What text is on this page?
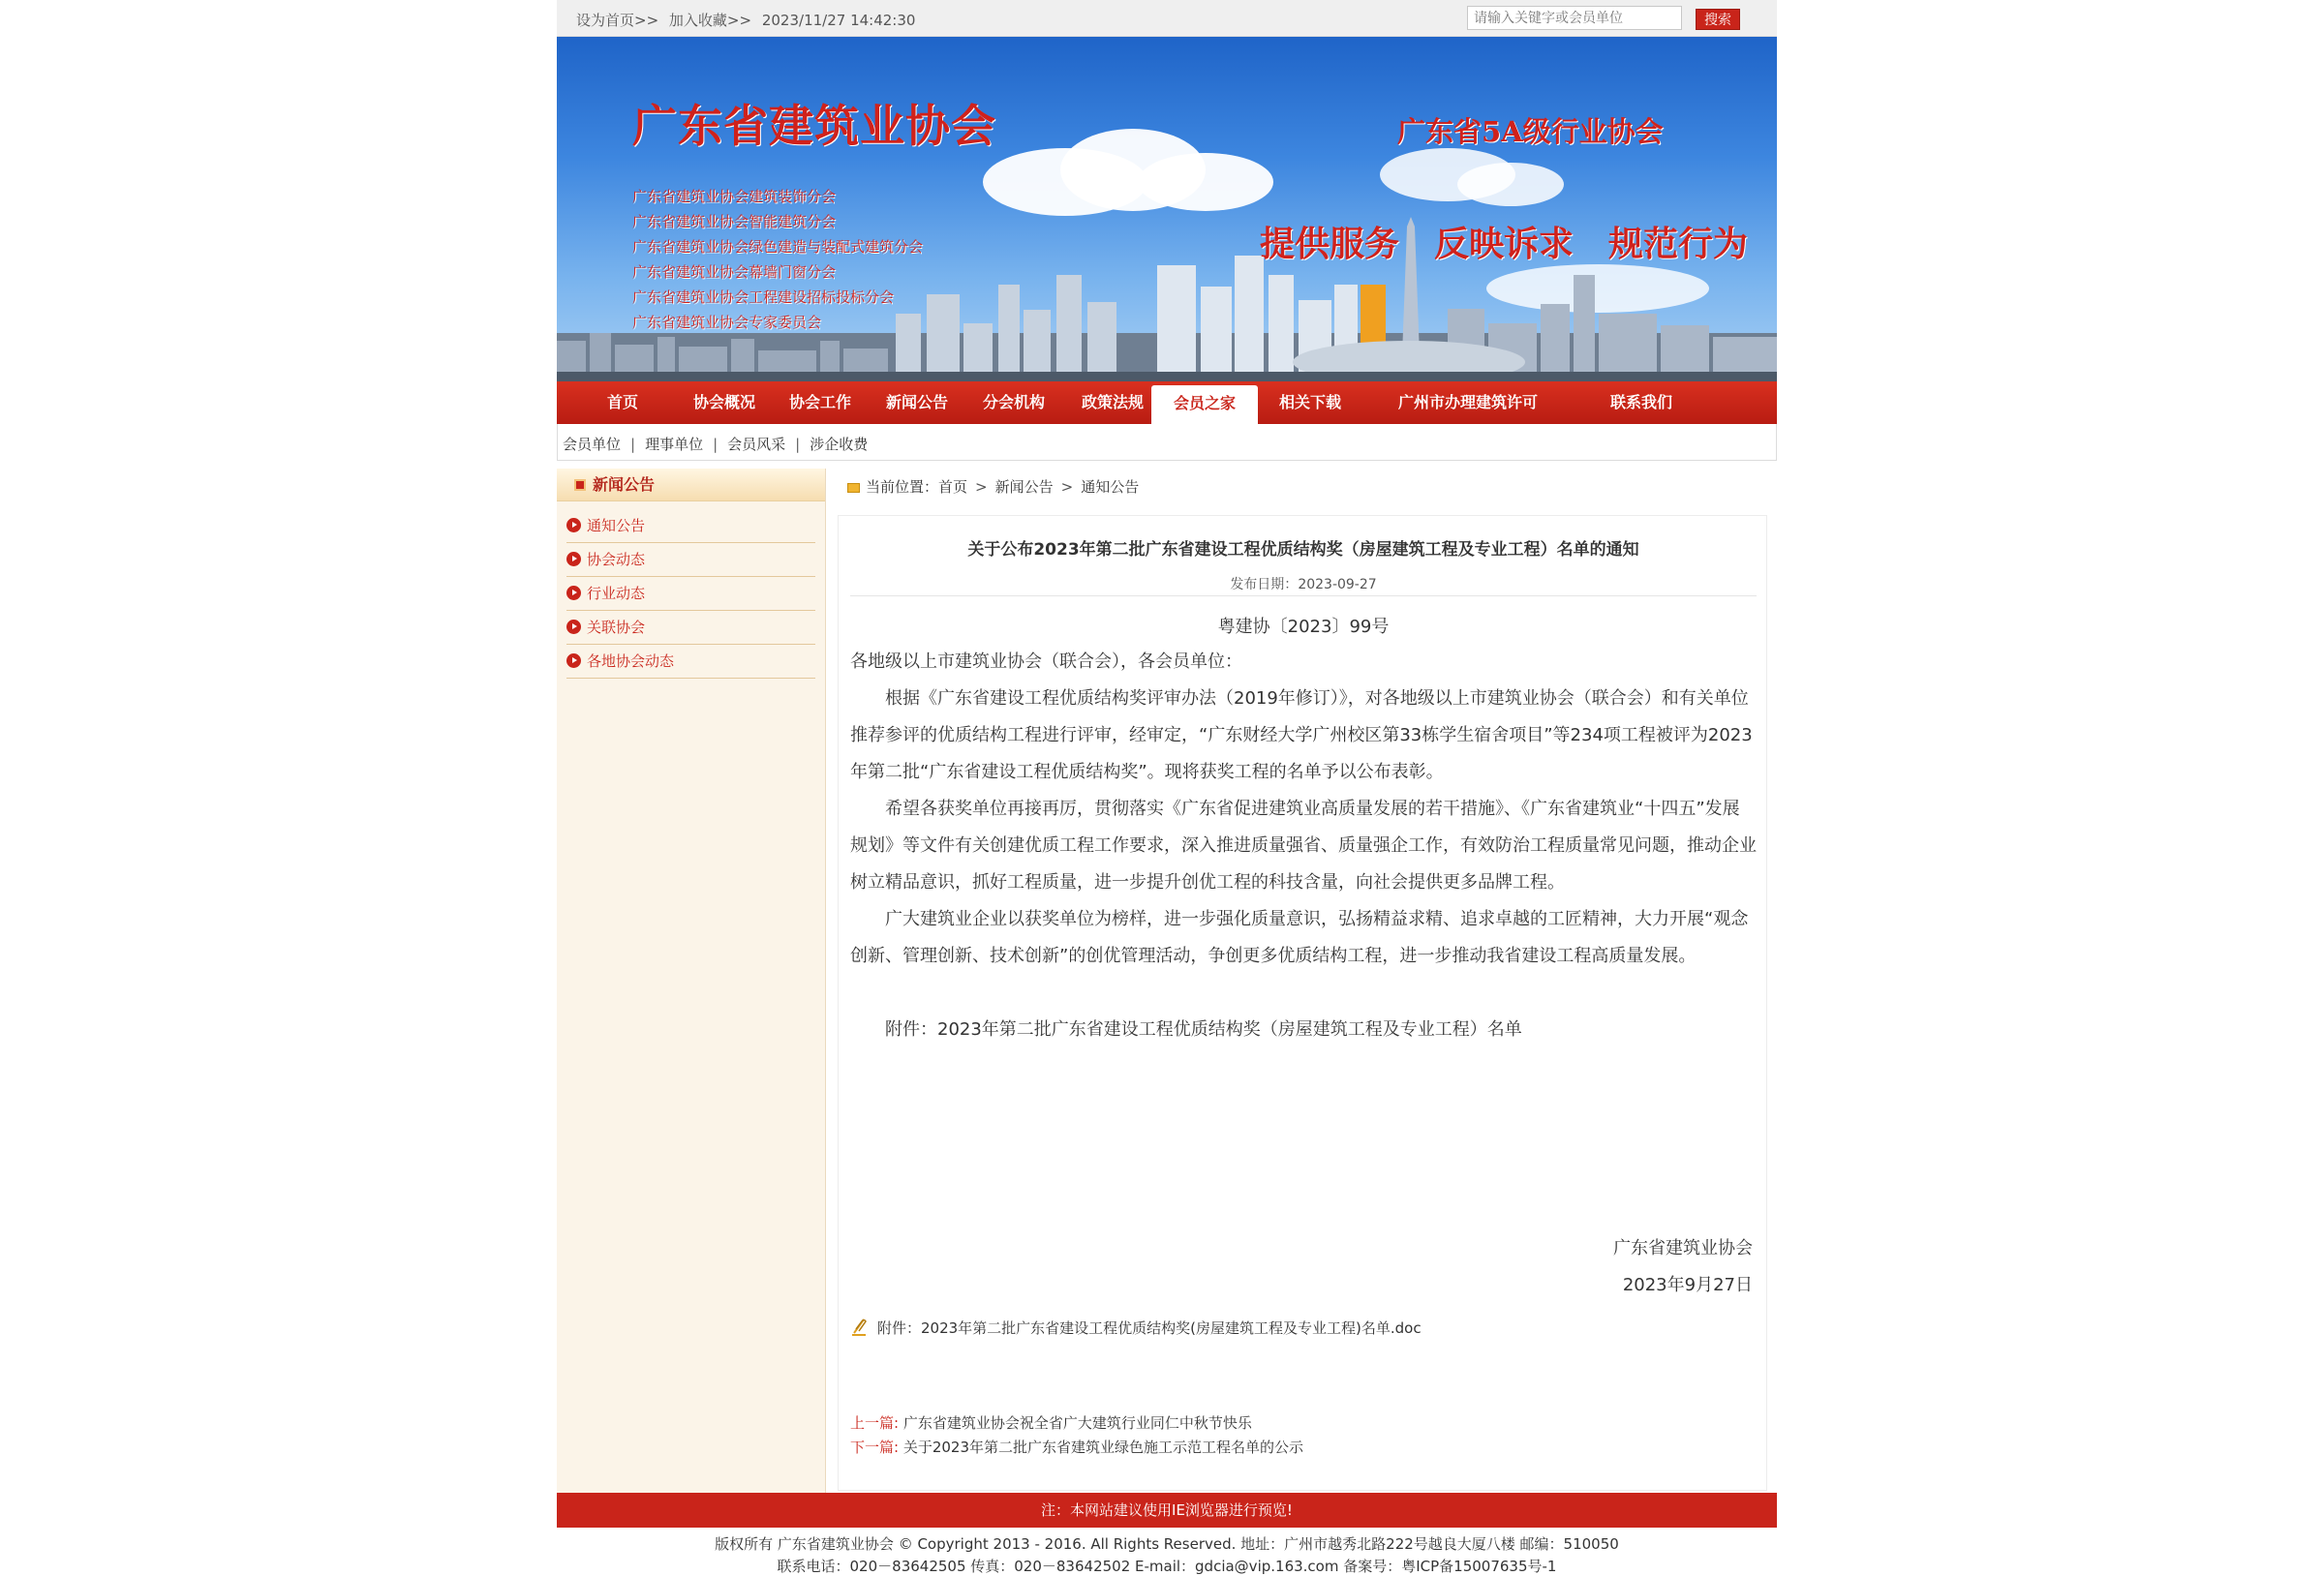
设为首页>> 加入收藏>> 2023/11/27 14:42:30
请输入关键字或会员单位	搜索
广东省建筑业协会	广东省5A级行业协会
提供服务　反映诉求　规范行为
广东省建筑业协会建筑装饰分会
广东省建筑业协会智能建筑分会
广东省建筑业协会绿色建造与装配式建筑分会
广东省建筑业协会幕墙门窗分会
广东省建筑业协会工程建设招标投标分会
广东省建筑业协会专家委员会
首页	协会概况	协会工作	新闻公告	分会机构	政策法规	会员之家	相关下载	广州市办理建筑许可	联系我们
会员单位 | 理事单位 | 会员风采 | 涉企收费
新闻公告
通知公告
协会动态
行业动态
关联协会
各地协会动态
当前位置：首页 > 新闻公告 > 通知公告
关于公布2023年第二批广东省建设工程优质结构奖（房屋建筑工程及专业工程）名单的通知
发布日期：2023-09-27
粤建协〔2023〕99号

各地级以上市建筑业协会（联合会），各会员单位：

根据《广东省建设工程优质结构奖评审办法（2019年修订）》，对各地级以上市建筑业协会（联合会）和有关单位推荐参评的优质结构工程进行评审，经审定，“广东财经大学广州校区第33栋学生宿舍项目”等234项工程被评为2023年第二批“广东省建设工程优质结构奖”。现将获奖工程的名单予以公布表彰。

希望各获奖单位再接再厉，贯彻落实《广东省促进建筑业高质量发展的若干措施》、《广东省建筑业“十四五”发展规划》等文件有关创建优质工程工作要求，深入推进质量强省、质量强企工作，有效防治工程质量常见问题，推动企业树立精品意识，抓好工程质量，进一步提升创优工程的科技含量，向社会提供更多品牌工程。

广大建筑业企业以获奖单位为榜样，进一步强化质量意识，弘扬精益求精、追求卓越的工匠精神，大力开展“观念创新、管理创新、技术创新”的创优管理活动，争创更多优质结构工程，进一步推动我省建设工程高质量发展。

附件：2023年第二批广东省建设工程优质结构奖（房屋建筑工程及专业工程）名单

广东省建筑业协会
2023年9月27日
附件：2023年第二批广东省建设工程优质结构奖(房屋建筑工程及专业工程)名单.doc
上一篇: 广东省建筑业协会祝全省广大建筑行业同仁中秋节快乐
下一篇: 关于2023年第二批广东省建筑业绿色施工示范工程名单的公示
注：本网站建议使用IE浏览器进行预览!
版权所有 广东省建筑业协会 © Copyright 2013 - 2016. All Rights Reserved. 地址：广州市越秀北路222号越良大厦八楼 邮编：510050
联系电话：020－83642505 传真：020－83642502 E-mail：gdcia@vip.163.com 备案号：粤ICP备15007635号-1
